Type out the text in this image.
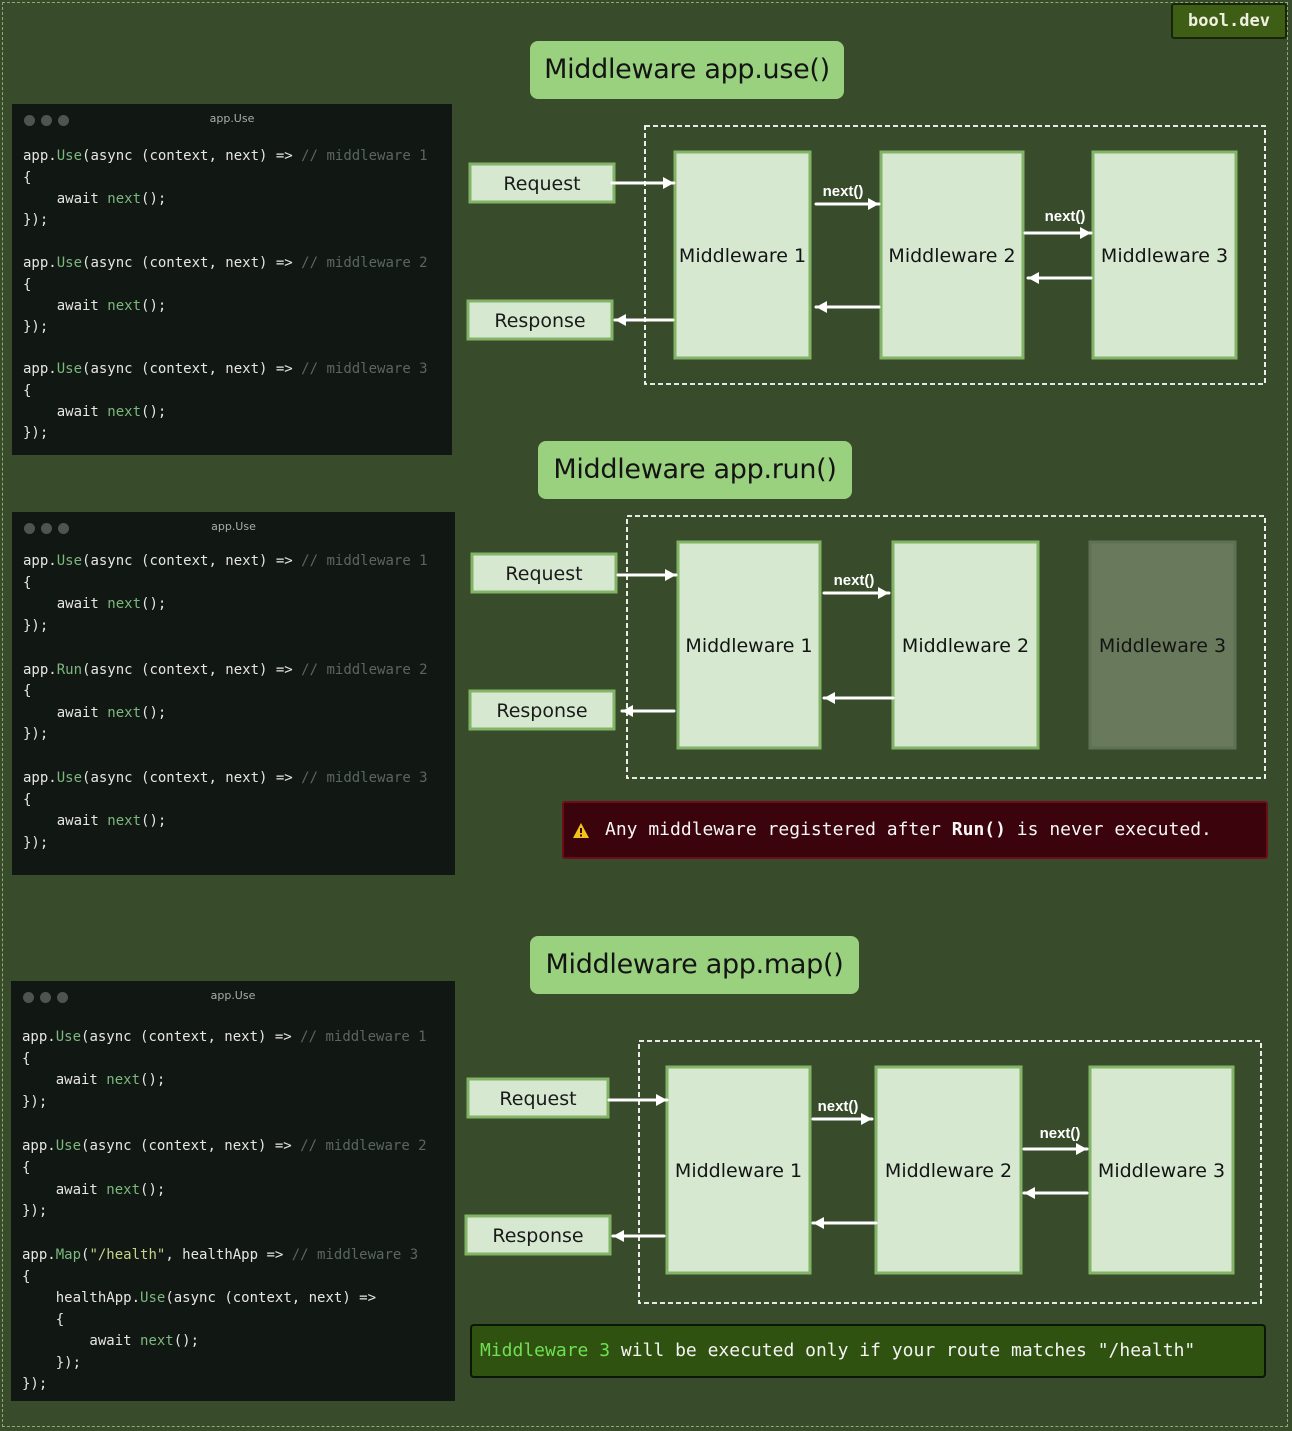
bool.dev
Middleware app.use()
app.Use
app.Use(async (context, next) => // middleware 1
{
await next();
});
app.Use(async (context, next) => // middleware 2
{
await next();
});
app.Use(async (context, next) => // middleware 3
{
await next();
});
Request
Response
Middleware 1	Middleware 2	Middleware 3
next()
next()
Middleware app.run()
app.Use
app.Use(async (context, next) => // middleware 1
{
await next();
});
app.Run(async (context, next) => // middleware 2
{
await next();
});
app.Use(async (context, next) => // middleware 3
{
await next();
});
Request
Response
Middleware 1	Middleware 2	Middleware 3
next()
Any middleware registered after Run() is never executed.
Middleware app.map()
app.Use
app.Use(async (context, next) => // middleware 1
{
await next();
});
app.Use(async (context, next) => // middleware 2
{
await next();
});
app.Map("/health", healthApp => // middleware 3
{
healthApp.Use(async (context, next) =>
{
await next();
});
});
Request
Response
Middleware 1	Middleware 2	Middleware 3
next()
next()
Middleware 3 will be executed only if your route matches "/health"
